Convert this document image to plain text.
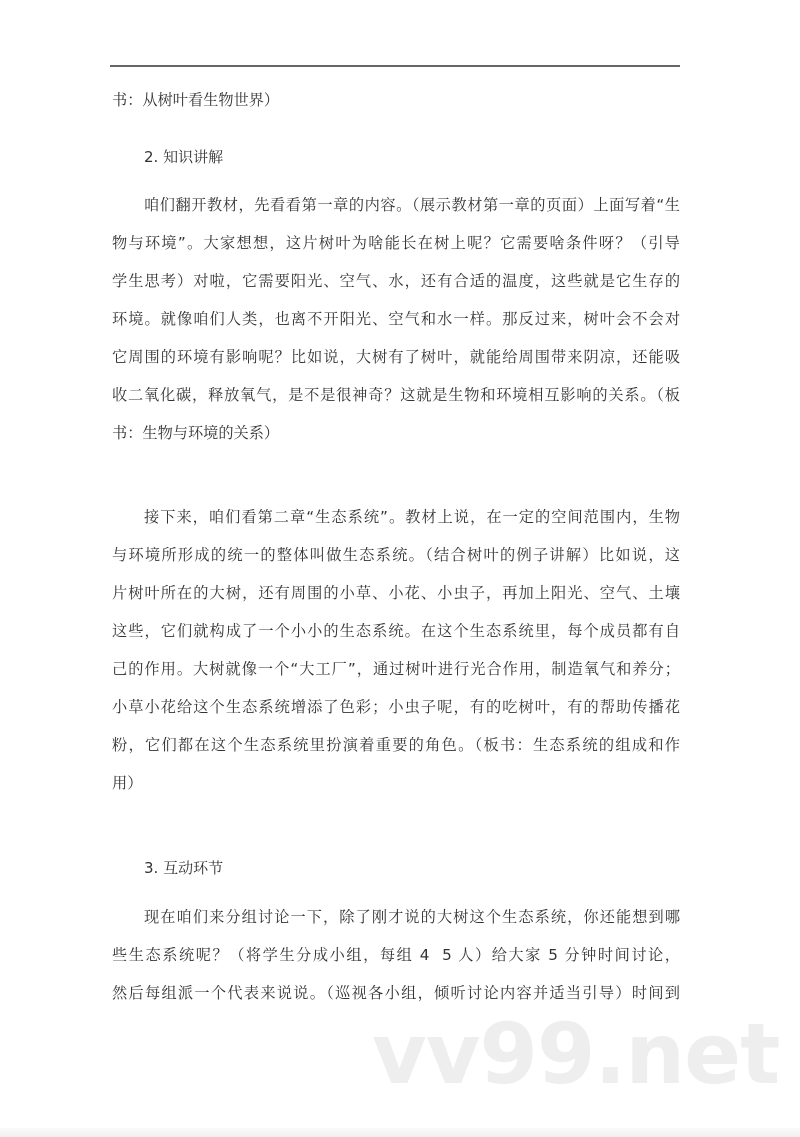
书：从树叶看生物世界）
2. 知识讲解
咱们翻开教材，先看看第一章的内容。（展示教材第一章的页面）上面写着“生
物与环境”。大家想想，这片树叶为啥能长在树上呢？它需要啥条件呀？（引导
学生思考）对啦，它需要阳光、空气、水，还有合适的温度，这些就是它生存的
环境。就像咱们人类，也离不开阳光、空气和水一样。那反过来，树叶会不会对
它周围的环境有影响呢？比如说，大树有了树叶，就能给周围带来阴凉，还能吸
收二氧化碳，释放氧气，是不是很神奇？这就是生物和环境相互影响的关系。（板
书：生物与环境的关系）
接下来，咱们看第二章“生态系统”。教材上说，在一定的空间范围内，生物
与环境所形成的统一的整体叫做生态系统。（结合树叶的例子讲解）比如说，这
片树叶所在的大树，还有周围的小草、小花、小虫子，再加上阳光、空气、土壤
这些，它们就构成了一个小小的生态系统。在这个生态系统里，每个成员都有自
己的作用。大树就像一个“大工厂”，通过树叶进行光合作用，制造氧气和养分；
小草小花给这个生态系统增添了色彩；小虫子呢，有的吃树叶，有的帮助传播花
粉，它们都在这个生态系统里扮演着重要的角色。（板书：生态系统的组成和作
用）
3. 互动环节
现在咱们来分组讨论一下，除了刚才说的大树这个生态系统，你还能想到哪
些生态系统呢？（将学生分成小组，每组 4  5 人）给大家 5 分钟时间讨论，
然后每组派一个代表来说说。（巡视各小组，倾听讨论内容并适当引导）时间到
vv99.net
